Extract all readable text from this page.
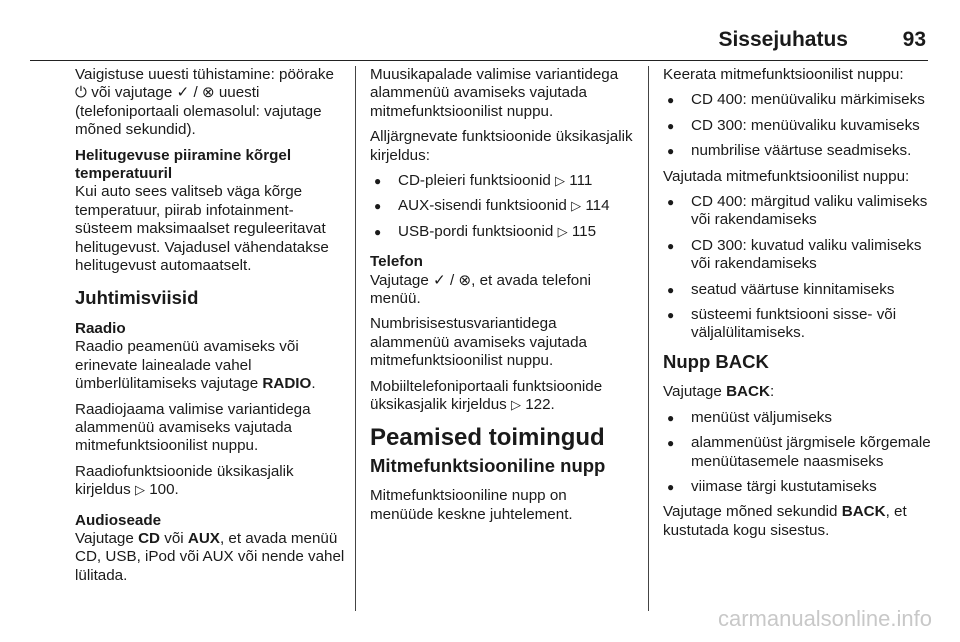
Sissejuhatus	93

Vaigistuse uuesti tühistamine: pöörake ⏻ või vajutage ✓ / ⊗ uuesti (telefoniportaali olemasolul: vajutage mõned sekundid).

Helitugevuse piiramine kõrgel temperatuuril

Kui auto sees valitseb väga kõrge temperatuur, piirab infotainment-süsteem maksimaalset reguleeritavat helitugevust. Vajadusel vähendatakse helitugevust automaatselt.

Juhtimisviisid
Raadio

Raadio peamenüü avamiseks või erinevate lainealade vahel ümberlülitamiseks vajutage RADIO.

Raadiojaama valimise variantidega alammenüü avamiseks vajutada mitmefunktsioonilist nuppu.

Raadiofunktsioonide üksikasjalik kirjeldus ▷ 100.

Audioseade

Vajutage CD või AUX, et avada menüü CD, USB, iPod või AUX või nende vahel lülitada.

Muusikapalade valimise variantidega alammenüü avamiseks vajutada mitmefunktsioonilist nuppu.

Alljärgnevate funktsioonide üksikasjalik kirjeldus:

● CD-pleieri funktsioonid ▷ 111
● AUX-sisendi funktsioonid ▷ 114
● USB-pordi funktsioonid ▷ 115
Telefon

Vajutage ✓ / ⊗, et avada telefoni menüü.

Numbrisisestusvariantidega alammenüü avamiseks vajutada mitmefunktsioonilist nuppu.

Mobiiltelefoniportaali funktsioonide üksikasjalik kirjeldus ▷ 122.

Peamised toimingud
Mitmefunktsiooniline nupp

Mitmefunktsiooniline nupp on menüüde keskne juhtelement.

Keerata mitmefunktsioonilist nuppu:

● CD 400: menüüvaliku märkimiseks
● CD 300: menüüvaliku kuvamiseks
● numbrilise väärtuse seadmiseks.

Vajutada mitmefunktsioonilist nuppu:

● CD 400: märgitud valiku valimiseks või rakendamiseks
● CD 300: kuvatud valiku valimiseks või rakendamiseks
● seatud väärtuse kinnitamiseks
● süsteemi funktsiooni sisse- või väljalülitamiseks.
Nupp BACK

Vajutage BACK:

● menüüst väljumiseks
● alammenüüst järgmisele kõrgemale menüütasemele naasmiseks
● viimase tärgi kustutamiseks

Vajutage mõned sekundid BACK, et kustutada kogu sisestus.

carmanualsonline.info
